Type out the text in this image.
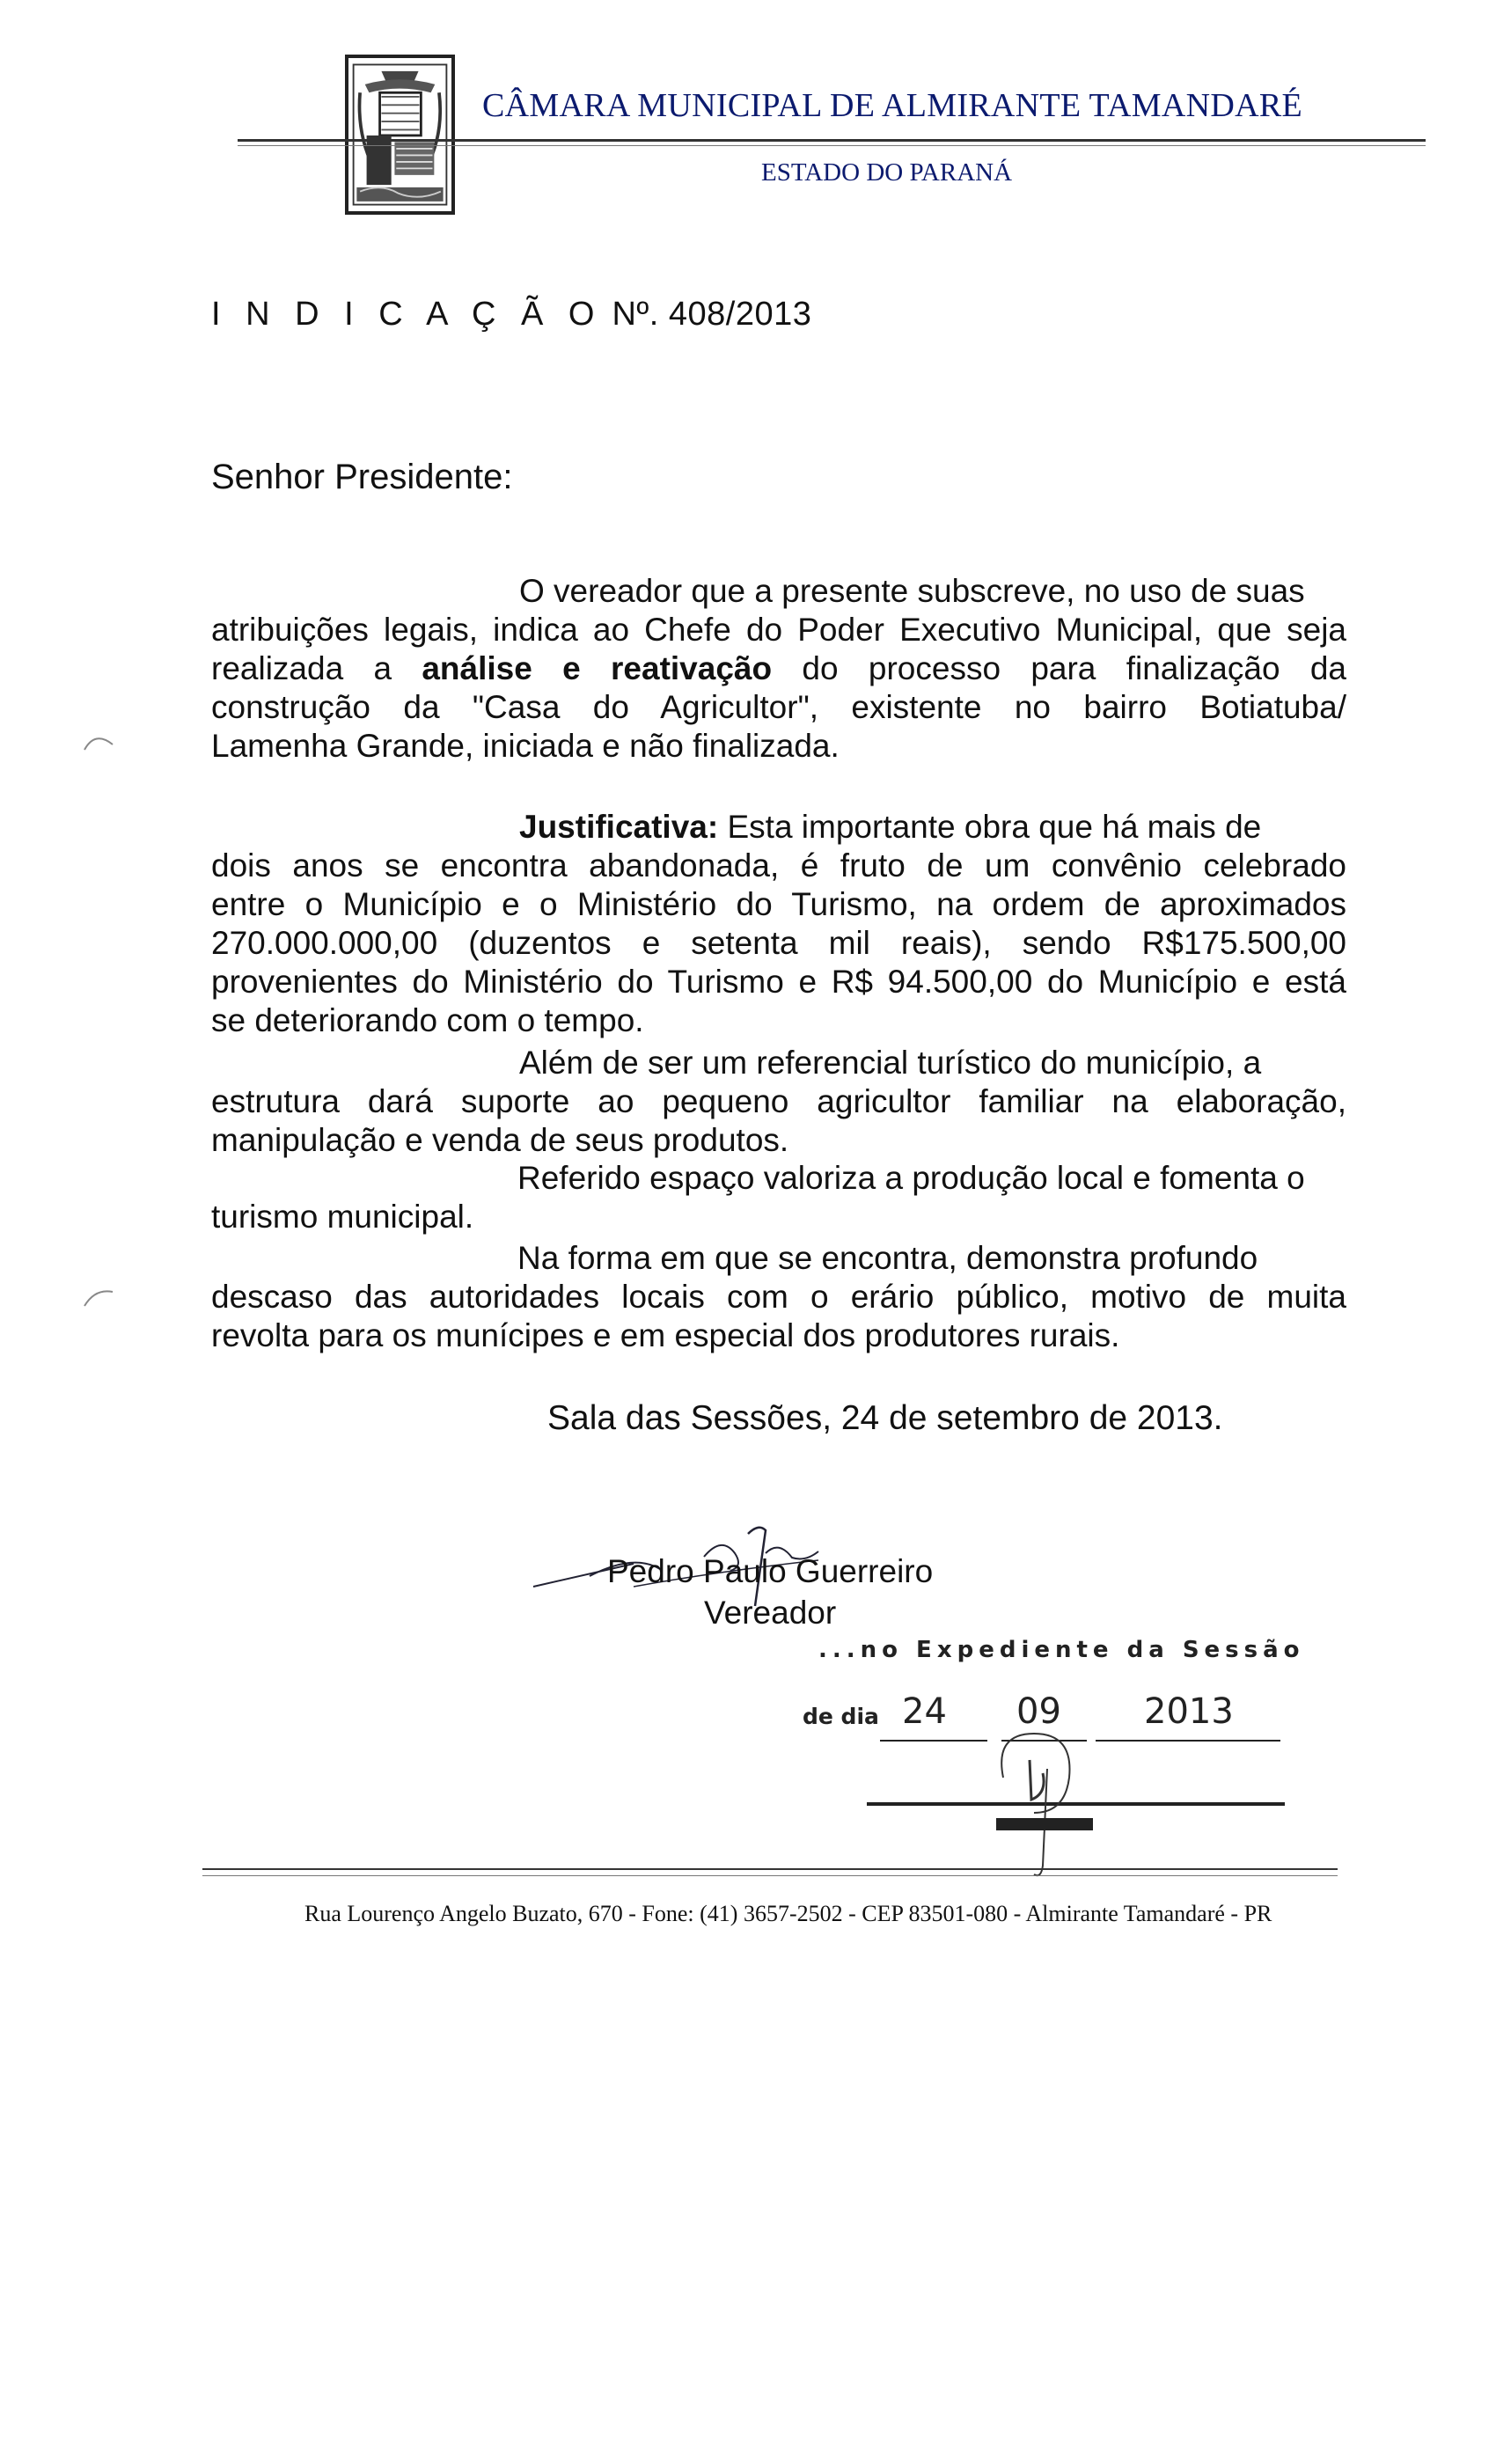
CÂMARA MUNICIPAL DE ALMIRANTE TAMANDARÉ
ESTADO DO PARANÁ
I N D I C A Ç Ã O Nº. 408/2013
Senhor Presidente:
O vereador que a presente subscreve, no uso de suas
atribuições legais, indica ao Chefe do Poder Executivo Municipal, que seja
realizada a análise e reativação do processo para finalização da
construção da "Casa do Agricultor", existente no bairro Botiatuba/
Lamenha Grande, iniciada e não finalizada.
Justificativa: Esta importante obra que há mais de
dois anos se encontra abandonada, é fruto de um convênio celebrado
entre o Município e o Ministério do Turismo, na ordem de aproximados
270.000.000,00 (duzentos e setenta mil reais), sendo R$175.500,00
provenientes do Ministério do Turismo e R$ 94.500,00 do Município e está
se deteriorando com o tempo.
Além de ser um referencial turístico do município, a
estrutura dará suporte ao pequeno agricultor familiar na elaboração,
manipulação e venda de seus produtos.
Referido espaço valoriza a produção local e fomenta o
turismo municipal.
Na forma em que se encontra, demonstra profundo
descaso das autoridades locais com o erário público, motivo de muita
revolta para os munícipes e em especial dos produtores rurais.
Sala das Sessões, 24 de setembro de 2013.
Pedro Paulo Guerreiro
Vereador
...no Expediente da Sessão
de dia 24 09 2013
Rua Lourenço Angelo Buzato, 670 - Fone: (41) 3657-2502 - CEP 83501-080 - Almirante Tamandaré - PR
